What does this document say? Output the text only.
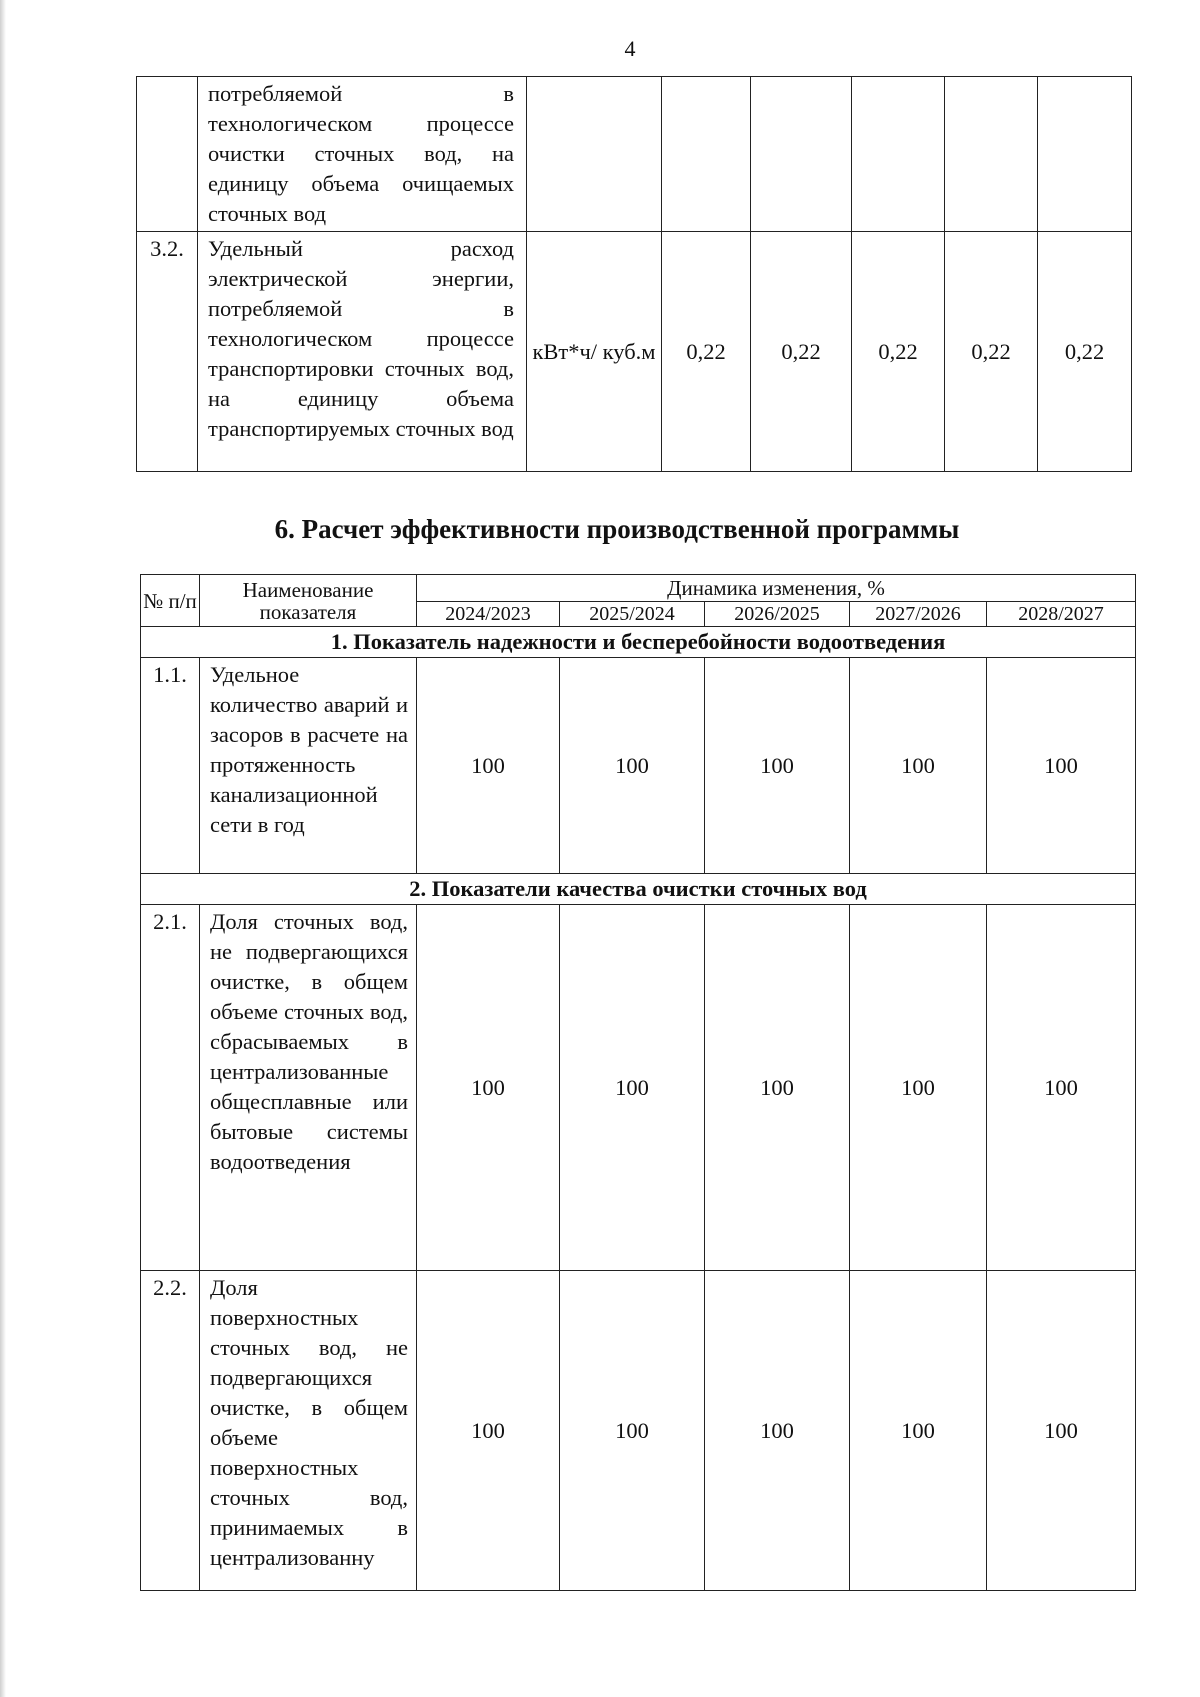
4
	потребляемой в технологическом процессе очистки сточных вод, на единицу объема очищаемых сточных вод						
3.2.	Удельный расход электрической энергии, потребляемой в технологическом процессе транспортировки сточных вод, на единицу объема транспортируемых сточных вод	кВт*ч/ куб.м	0,22	0,22	0,22	0,22	0,22
6. Расчет эффективности производственной программы
№ п/п	Наименование показателя	Динамика изменения, %				
		2024/2023	2025/2024	2026/2025	2027/2026	2028/2027
1. Показатель надежности и бесперебойности водоотведения						
1.1.	Удельное количество аварий и засоров в расчете на протяженность канализационной сети в год	100	100	100	100	100
2. Показатели качества очистки сточных вод						
2.1.	Доля сточных вод, не подвергающихся очистке, в общем объеме сточных вод, сбрасываемых в централизованные общесплавные или бытовые системы водоотведения	100	100	100	100	100
2.2.	Доля поверхностных сточных вод, не подвергающихся очистке, в общем объеме поверхностных сточных вод, принимаемых в централизованну	100	100	100	100	100
